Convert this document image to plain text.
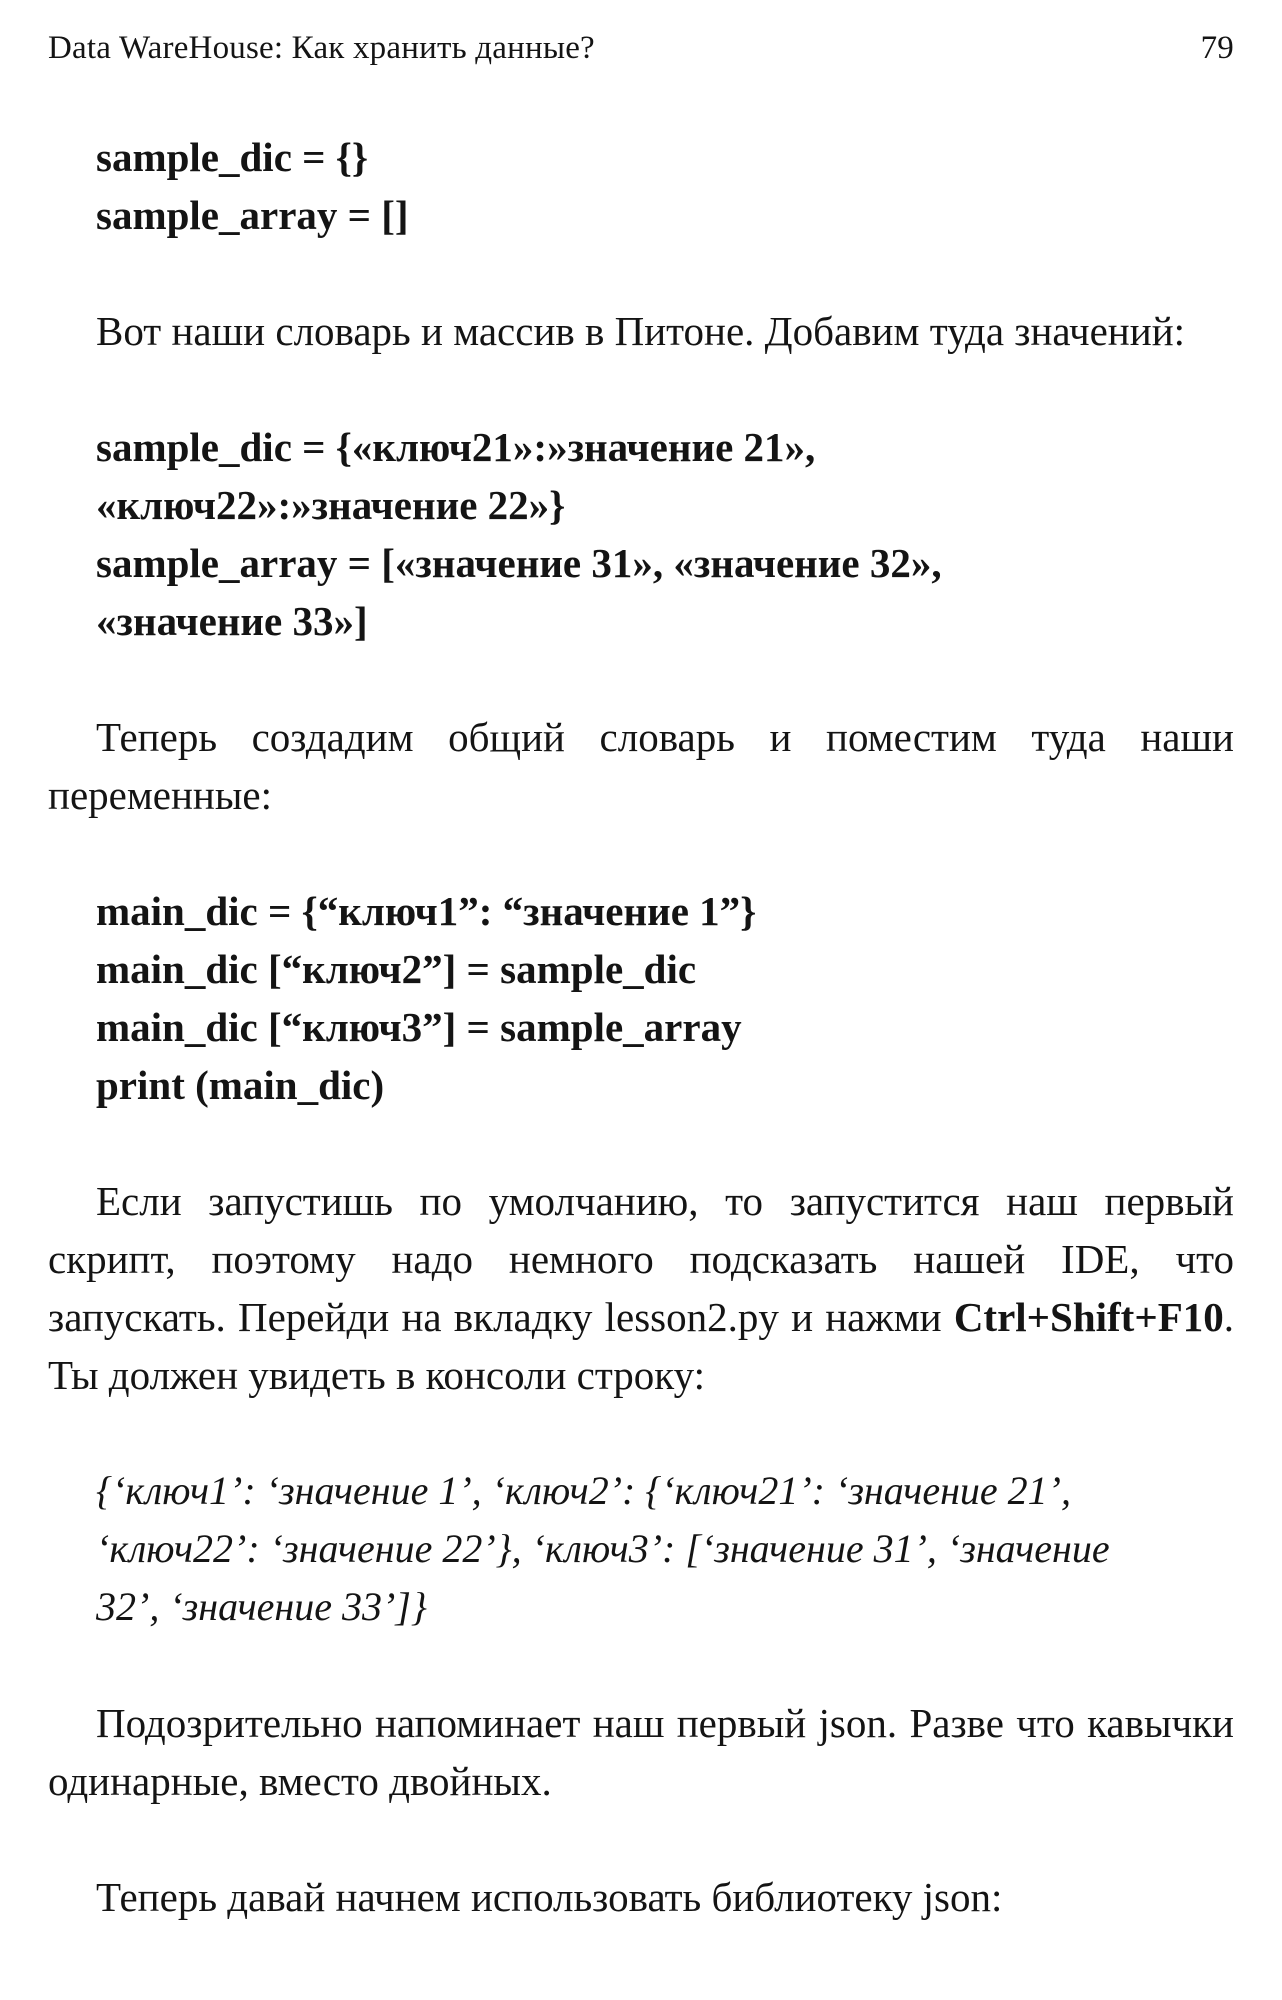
Data WareHouse: Как хранить данные?	79
sample_dic = {}
sample_array = []

Вот наши словарь и массив в Питоне. Добавим туда значений:

sample_dic = {«ключ21»:»значение 21»,
«ключ22»:»значение 22»}
sample_array = [«значение 31», «значение 32»,
«значение 33»]

Теперь создадим общий словарь и поместим туда наши переменные:

main_dic = {“ключ1”: “значение 1”}
main_dic [“ключ2”] = sample_dic
main_dic [“ключ3”] = sample_array
print (main_dic)

Если запустишь по умолчанию, то запустится наш первый скрипт, поэтому надо немного подсказать нашей IDE, что запускать. Перейди на вкладку lesson2.py и нажми Ctrl+Shift+F10. Ты должен увидеть в консоли строку:

{‘ключ1’: ‘значение 1’, ‘ключ2’: {‘ключ21’: ‘значение 21’,
‘ключ22’: ‘значение 22’}, ‘ключ3’: [‘значение 31’, ‘значение
32’, ‘значение 33’]}

Подозрительно напоминает наш первый json. Разве что кавычки одинарные, вместо двойных.

Теперь давай начнем использовать библиотеку json:
